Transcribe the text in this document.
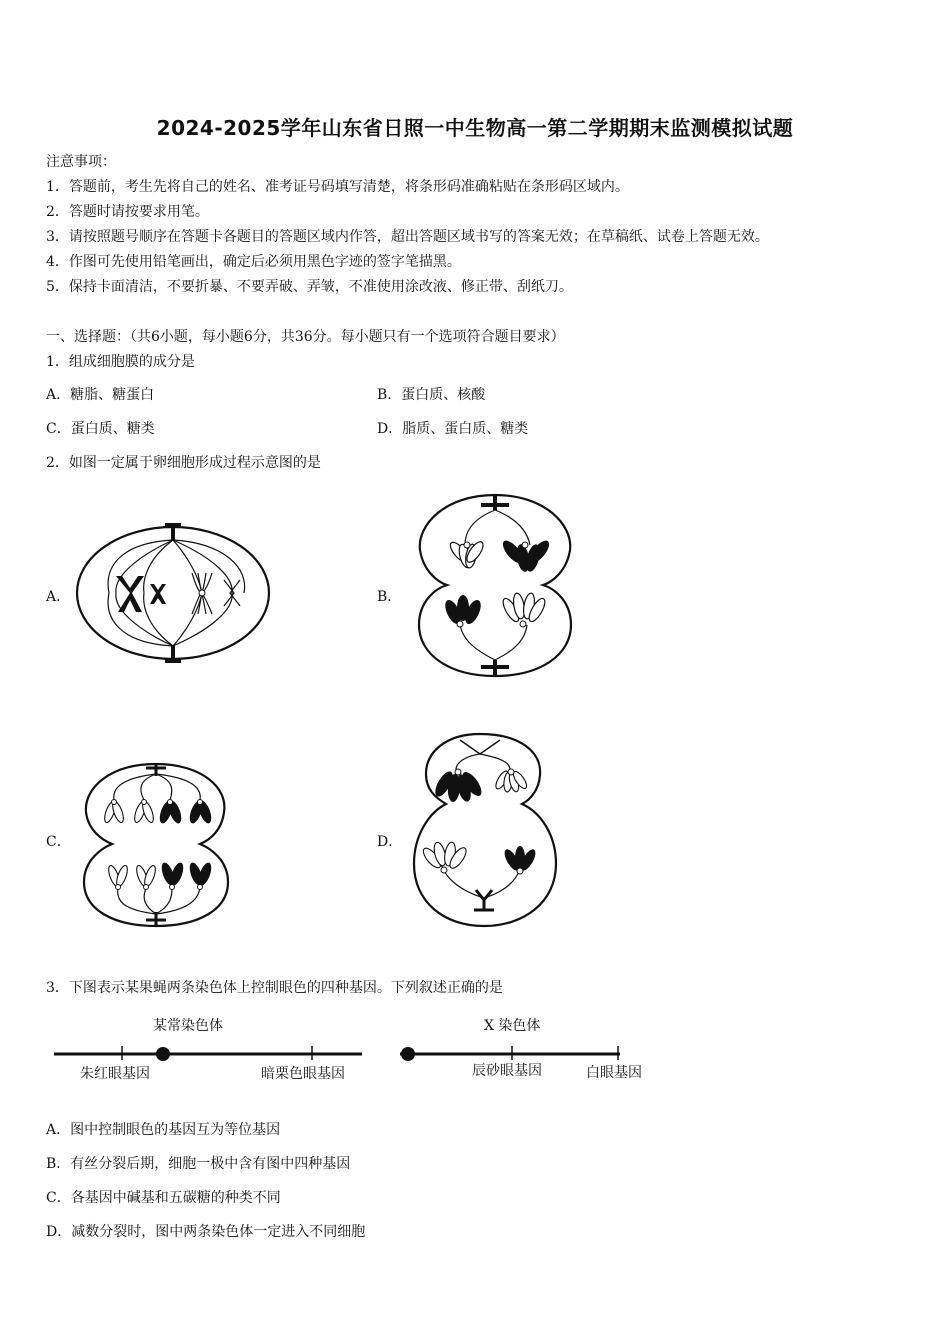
2024-2025学年山东省日照一中生物高一第二学期期末监测模拟试题
注意事项：
1．答题前，考生先将自己的姓名、准考证号码填写清楚，将条形码准确粘贴在条形码区域内。
2．答题时请按要求用笔。
3．请按照题号顺序在答题卡各题目的答题区域内作答，超出答题区域书写的答案无效；在草稿纸、试卷上答题无效。
4．作图可先使用铅笔画出，确定后必须用黑色字迹的签字笔描黑。
5．保持卡面清洁，不要折暴、不要弄破、弄皱，不准使用涂改液、修正带、刮纸刀。
一、选择题：（共6小题，每小题6分，共36分。每小题只有一个选项符合题目要求）
1．组成细胞膜的成分是
A．糖脂、糖蛋白	B．蛋白质、核酸
C．蛋白质、糖类	D．脂质、蛋白质、糖类
2．如图一定属于卵细胞形成过程示意图的是
A．	B．
C．	D．
3．下图表示某果蝇两条染色体上控制眼色的四种基因。下列叙述正确的是
某常染色体
朱红眼基因	暗栗色眼基因
X 染色体
辰砂眼基因	白眼基因
A．图中控制眼色的基因互为等位基因
B．有丝分裂后期，细胞一极中含有图中四种基因
C．各基因中碱基和五碳糖的种类不同
D．减数分裂时，图中两条染色体一定进入不同细胞
